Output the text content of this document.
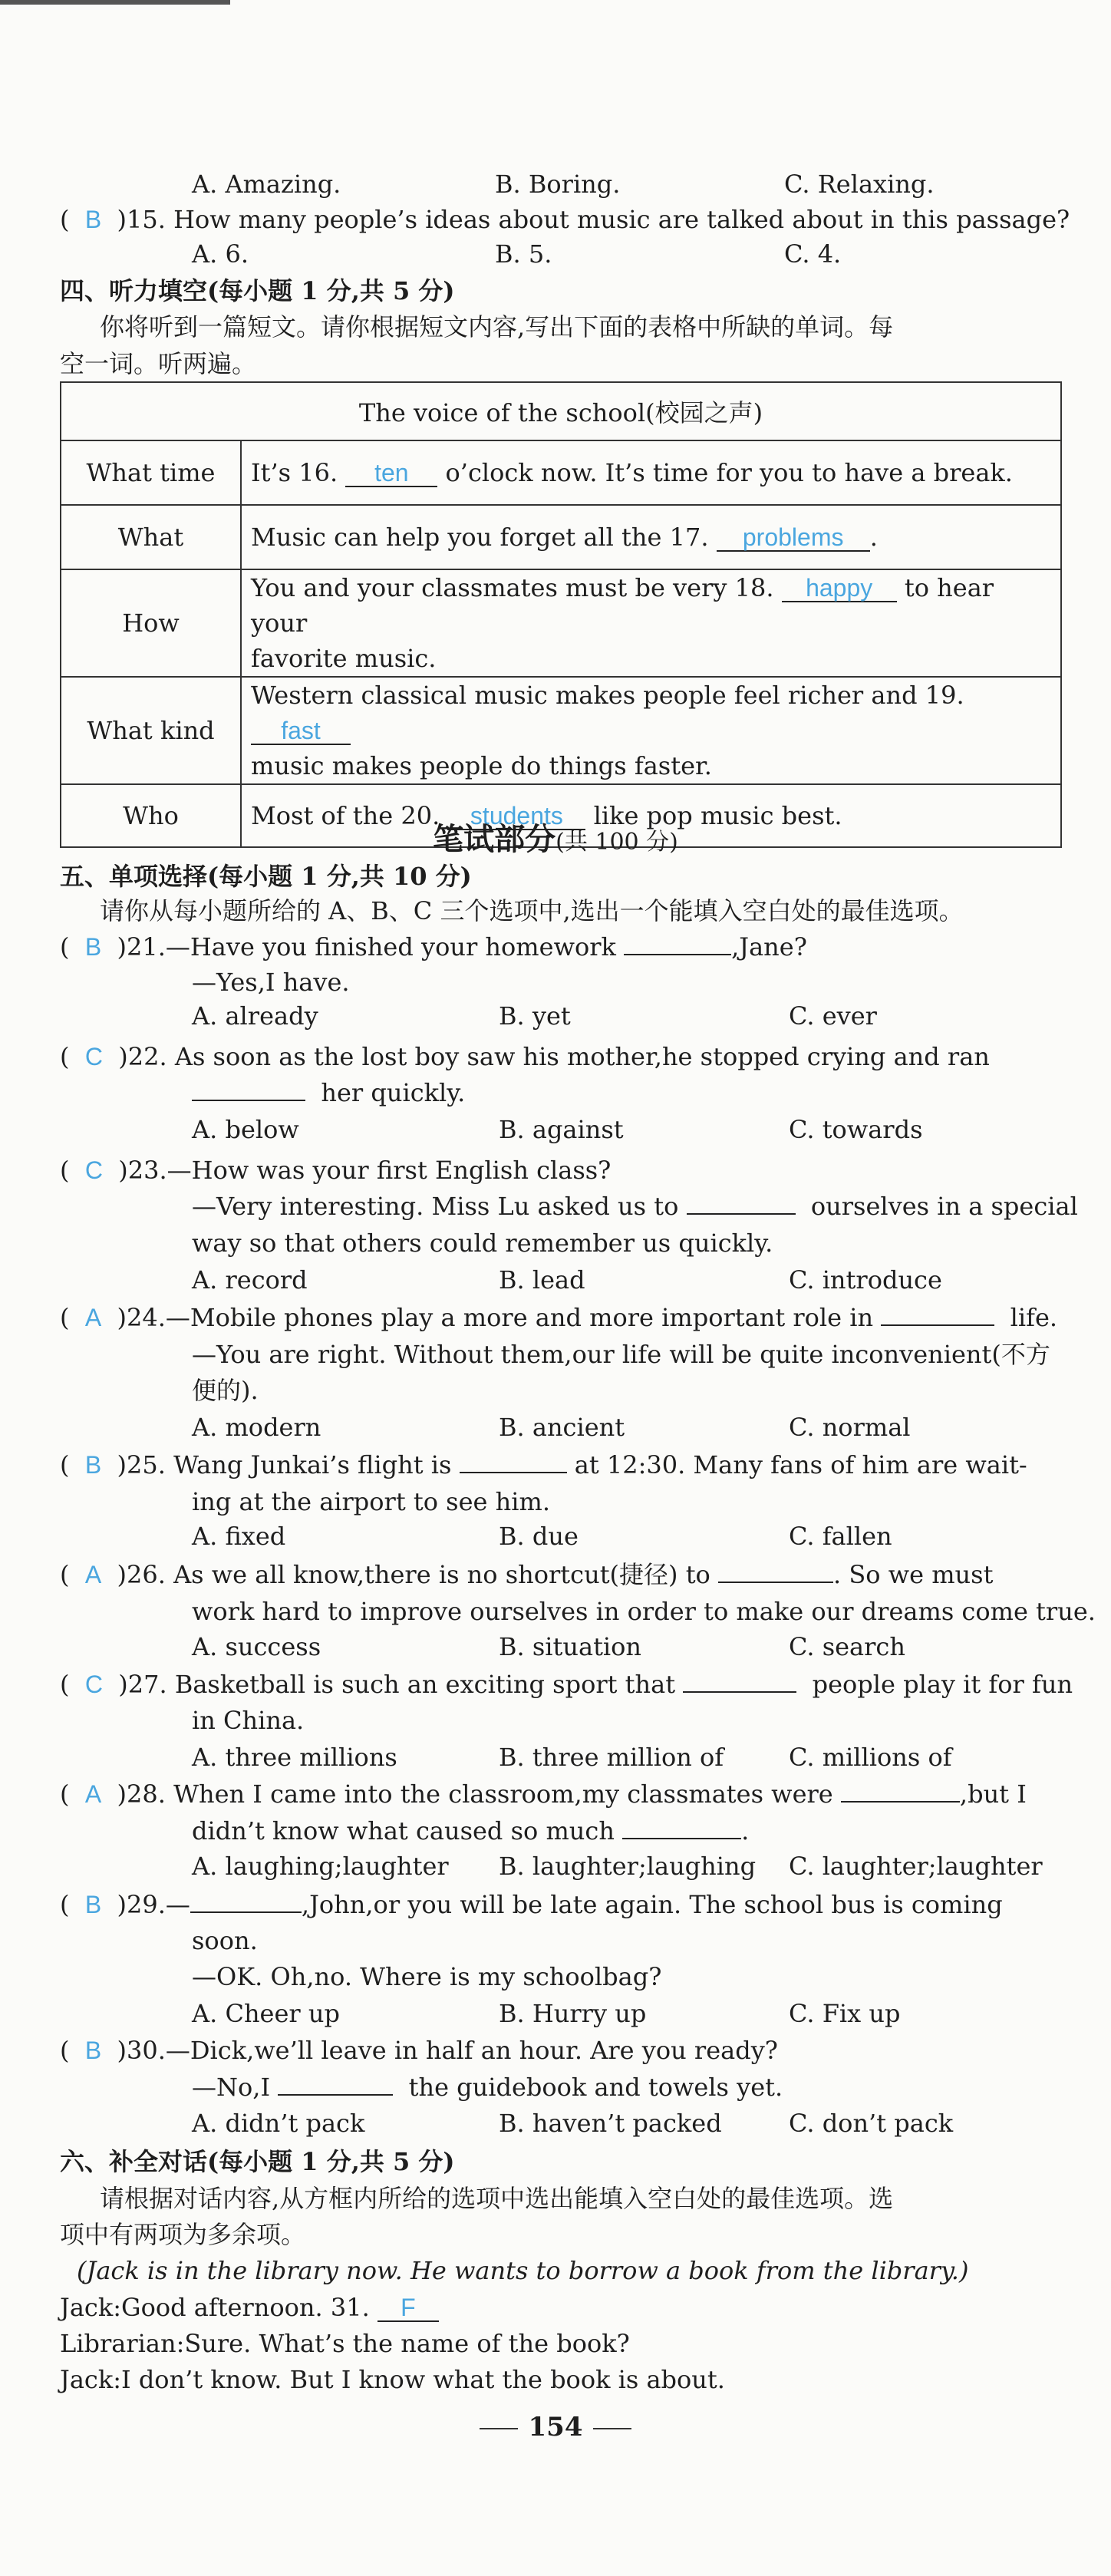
A. Amazing.	B. Boring.	C. Relaxing.
(  B )15. How many people’s ideas about music are talked about in this passage?
A. 6.	B. 5.	C. 4.
四、听力填空(每小题 1 分,共 5 分)
你将听到一篇短文。请你根据短文内容,写出下面的表格中所缺的单词。每
空一词。听两遍。
The voice of the school(校园之声)	
What time	It’s 16. ten o’clock now. It’s time for you to have a break.
What	Music can help you forget all the 17. problems .
How	You and your classmates must be very 18. happy to hear your
favorite music.
What kind	Western classical music makes people feel richer and 19. fast
music makes people do things faster.
Who	Most of the 20. students like pop music best.
笔试部分(共 100 分)
五、单项选择(每小题 1 分,共 10 分)
请你从每小题所给的 A、B、C 三个选项中,选出一个能填入空白处的最佳选项。
(  B )21.—Have you finished your homework	,Jane?
—Yes,I have.
A. already	B. yet	C. ever
(  C )22. As soon as the lost boy saw his mother,he stopped crying and ran
her quickly.
A. below	B. against	C. towards
(  C )23.—How was your first English class?
—Very interesting. Miss Lu asked us to	ourselves in a special
way so that others could remember us quickly.
A. record	B. lead	C. introduce
(  A )24.—Mobile phones play a more and more important role in	life.
—You are right. Without them,our life will be quite inconvenient(不方
便的).
A. modern	B. ancient	C. normal
(  B )25. Wang Junkai’s flight is	at 12:30. Many fans of him are wait-
ing at the airport to see him.
A. fixed	B. due	C. fallen
(  A )26. As we all know,there is no shortcut(捷径) to	. So we must
work hard to improve ourselves in order to make our dreams come true.
A. success	B. situation	C. search
(  C )27. Basketball is such an exciting sport that	people play it for fun
in China.
A. three millions	B. three million of	C. millions of
(  A )28. When I came into the classroom,my classmates were	,but I
didn’t know what caused so much	.
A. laughing;laughter B. laughter;laughing C. laughter;laughter
(  B )29.—	,John,or you will be late again. The school bus is coming
soon.
—OK. Oh,no. Where is my schoolbag?
A. Cheer up	B. Hurry up	C. Fix up
(  B )30.—Dick,we’ll leave in half an hour. Are you ready?
—No,I	the guidebook and towels yet.
A. didn’t pack	B. haven’t packed	C. don’t pack
六、补全对话(每小题 1 分,共 5 分)
请根据对话内容,从方框内所给的选项中选出能填入空白处的最佳选项。选
项中有两项为多余项。
(Jack is in the library now. He wants to borrow a book from the library.)
Jack:Good afternoon. 31. F
Librarian:Sure. What’s the name of the book?
Jack:I don’t know. But I know what the book is about.
154
